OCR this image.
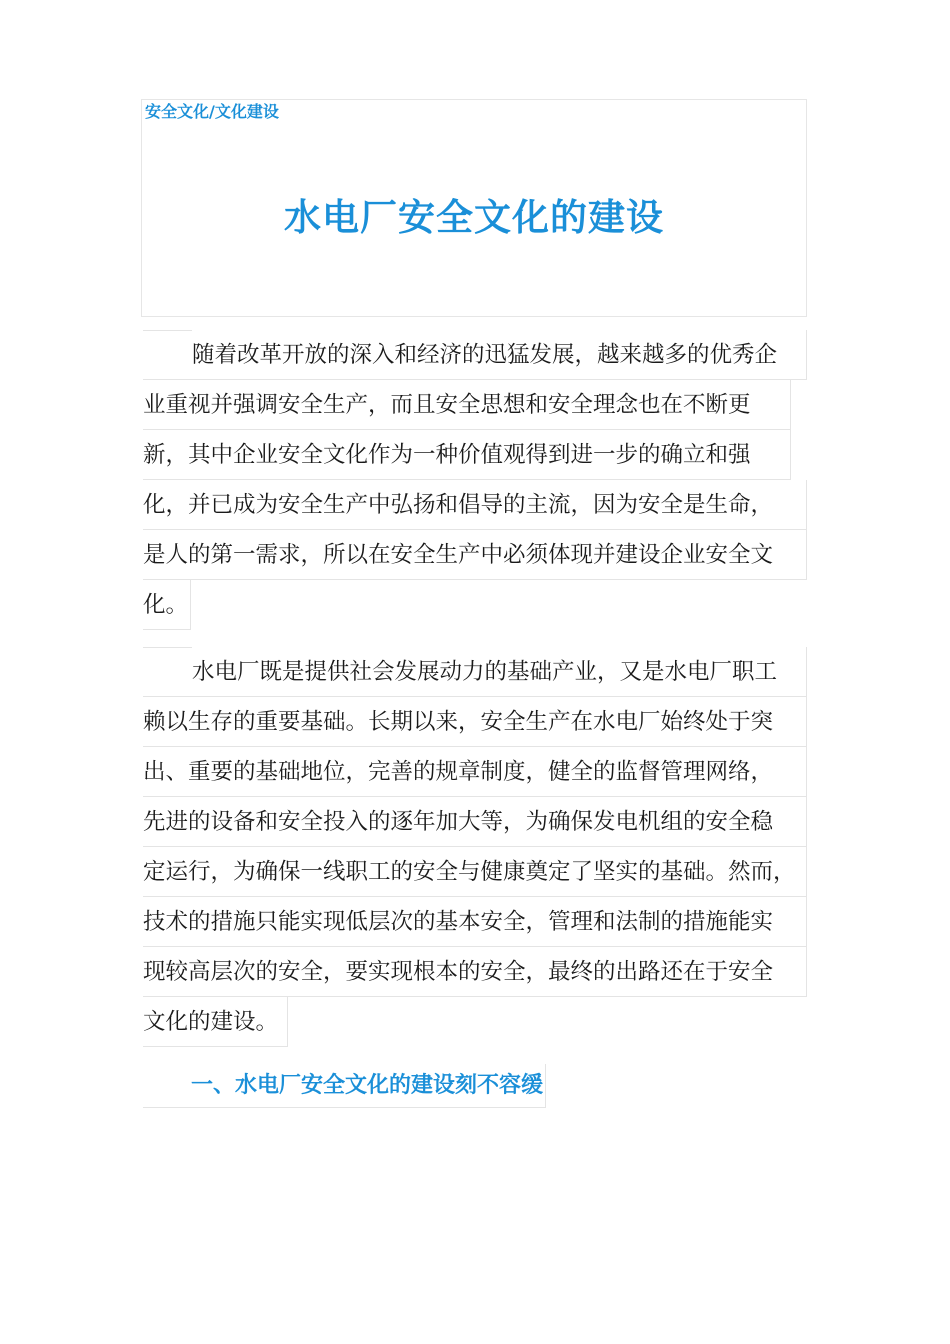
安全文化/文化建设
水电厂安全文化的建设
随着改革开放的深入和经济的迅猛发展，越来越多的优秀企
业重视并强调安全生产，而且安全思想和安全理念也在不断更
新，其中企业安全文化作为一种价值观得到进一步的确立和强
化，并已成为安全生产中弘扬和倡导的主流，因为安全是生命，
是人的第一需求，所以在安全生产中必须体现并建设企业安全文
化。
水电厂既是提供社会发展动力的基础产业，又是水电厂职工
赖以生存的重要基础。长期以来，安全生产在水电厂始终处于突
出、重要的基础地位，完善的规章制度，健全的监督管理网络，
先进的设备和安全投入的逐年加大等，为确保发电机组的安全稳
定运行，为确保一线职工的安全与健康奠定了坚实的基础。然而，
技术的措施只能实现低层次的基本安全，管理和法制的措施能实
现较高层次的安全，要实现根本的安全，最终的出路还在于安全
文化的建设。
一、水电厂安全文化的建设刻不容缓
